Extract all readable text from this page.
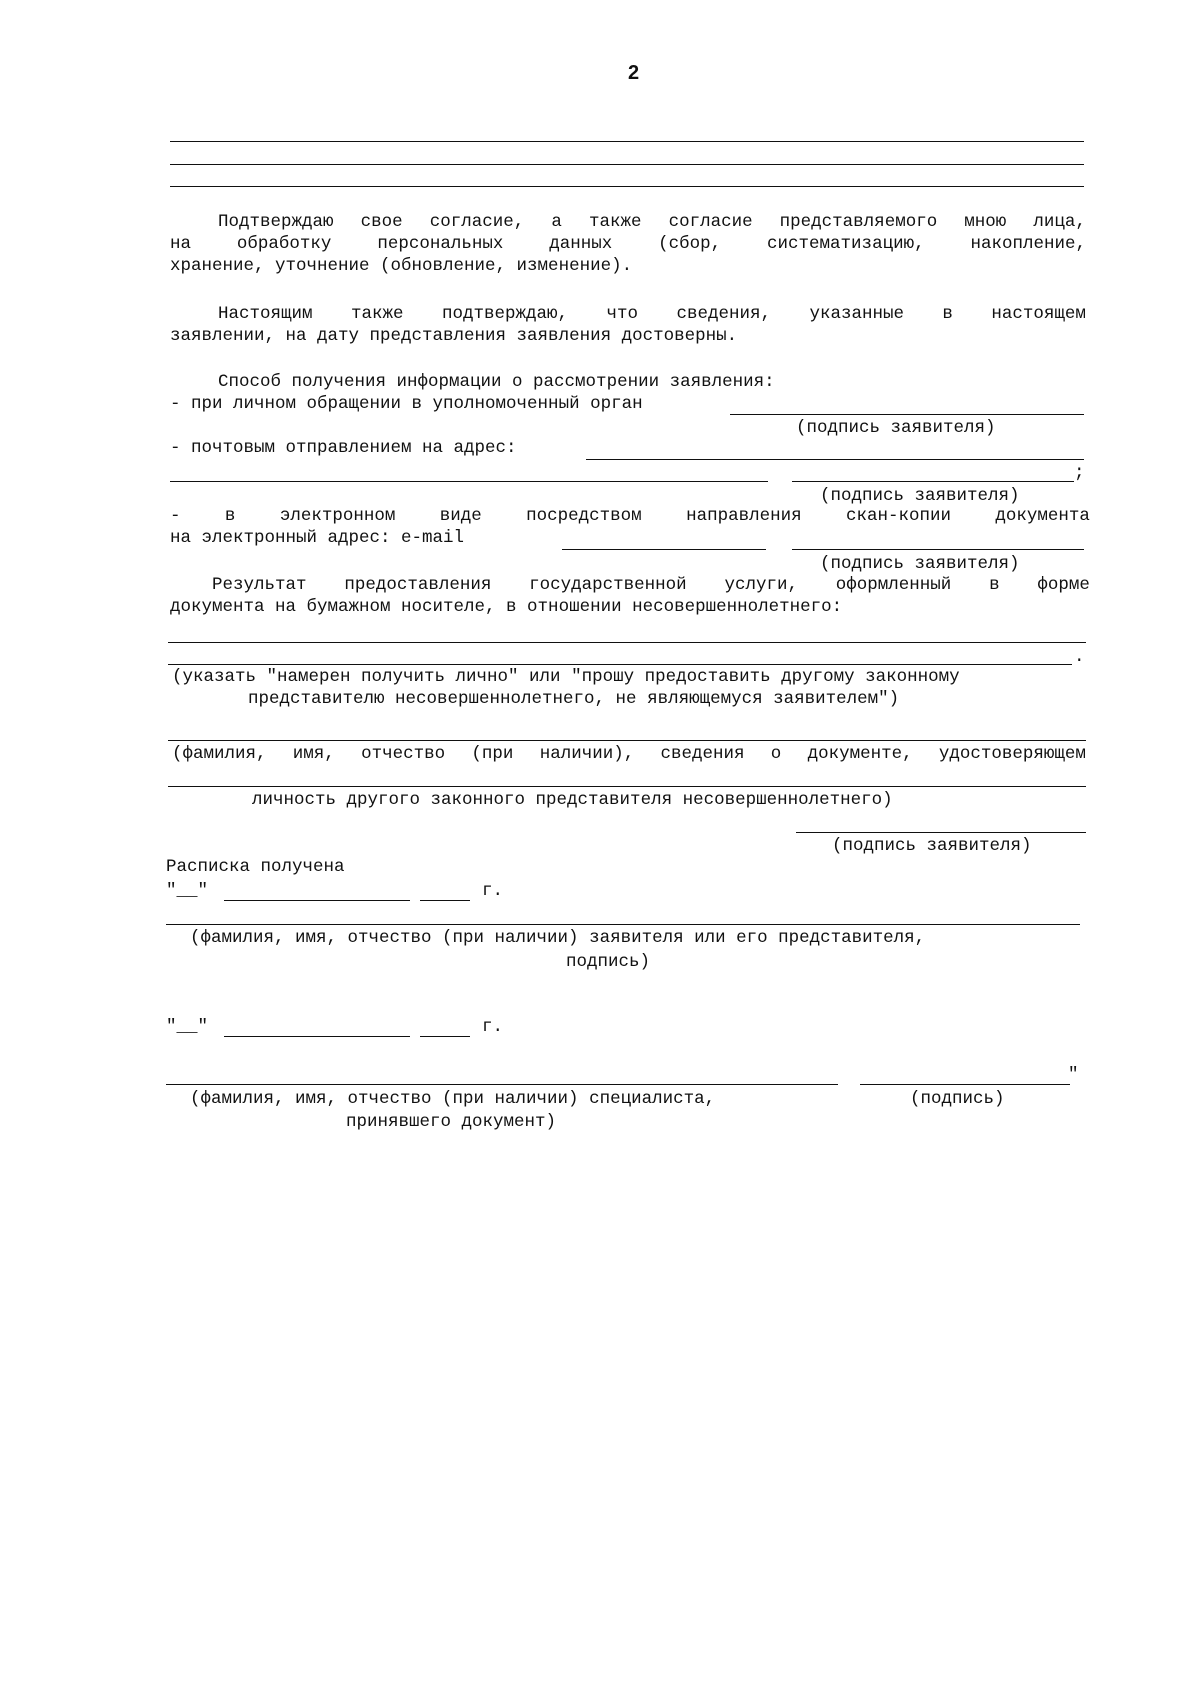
2
Подтверждаю свое согласие, а также согласие представляемого мною лица,
на	обработку	персональных	данных	(сбор,	систематизацию,	накопление,
хранение, уточнение (обновление, изменение).
Настоящим также подтверждаю, что сведения, указанные в настоящем
заявлении, на дату представления заявления достоверны.
Способ получения информации о рассмотрении заявления:
- при личном обращении в уполномоченный орган
(подпись заявителя)
- почтовым отправлением на адрес:
;
(подпись заявителя)
-	в	электронном	виде	посредством	направления	скан-копии	документа
на электронный адрес: e-mail
(подпись заявителя)
Результат предоставления государственной услуги, оформленный в форме
документа на бумажном носителе, в отношении несовершеннолетнего:
.
(указать "намерен получить лично" или "прошу предоставить другому законному
представителю несовершеннолетнего, не являющемуся заявителем")
(фамилия, имя, отчество (при наличии), сведения о документе, удостоверяющем
личность другого законного представителя несовершеннолетнего)
(подпись заявителя)
Расписка получена
"__"	г.
(фамилия, имя, отчество (при наличии) заявителя или его представителя,
подпись)
"__"	г.
"
(фамилия, имя, отчество (при наличии) специалиста,
принявшего документ)
(подпись)
